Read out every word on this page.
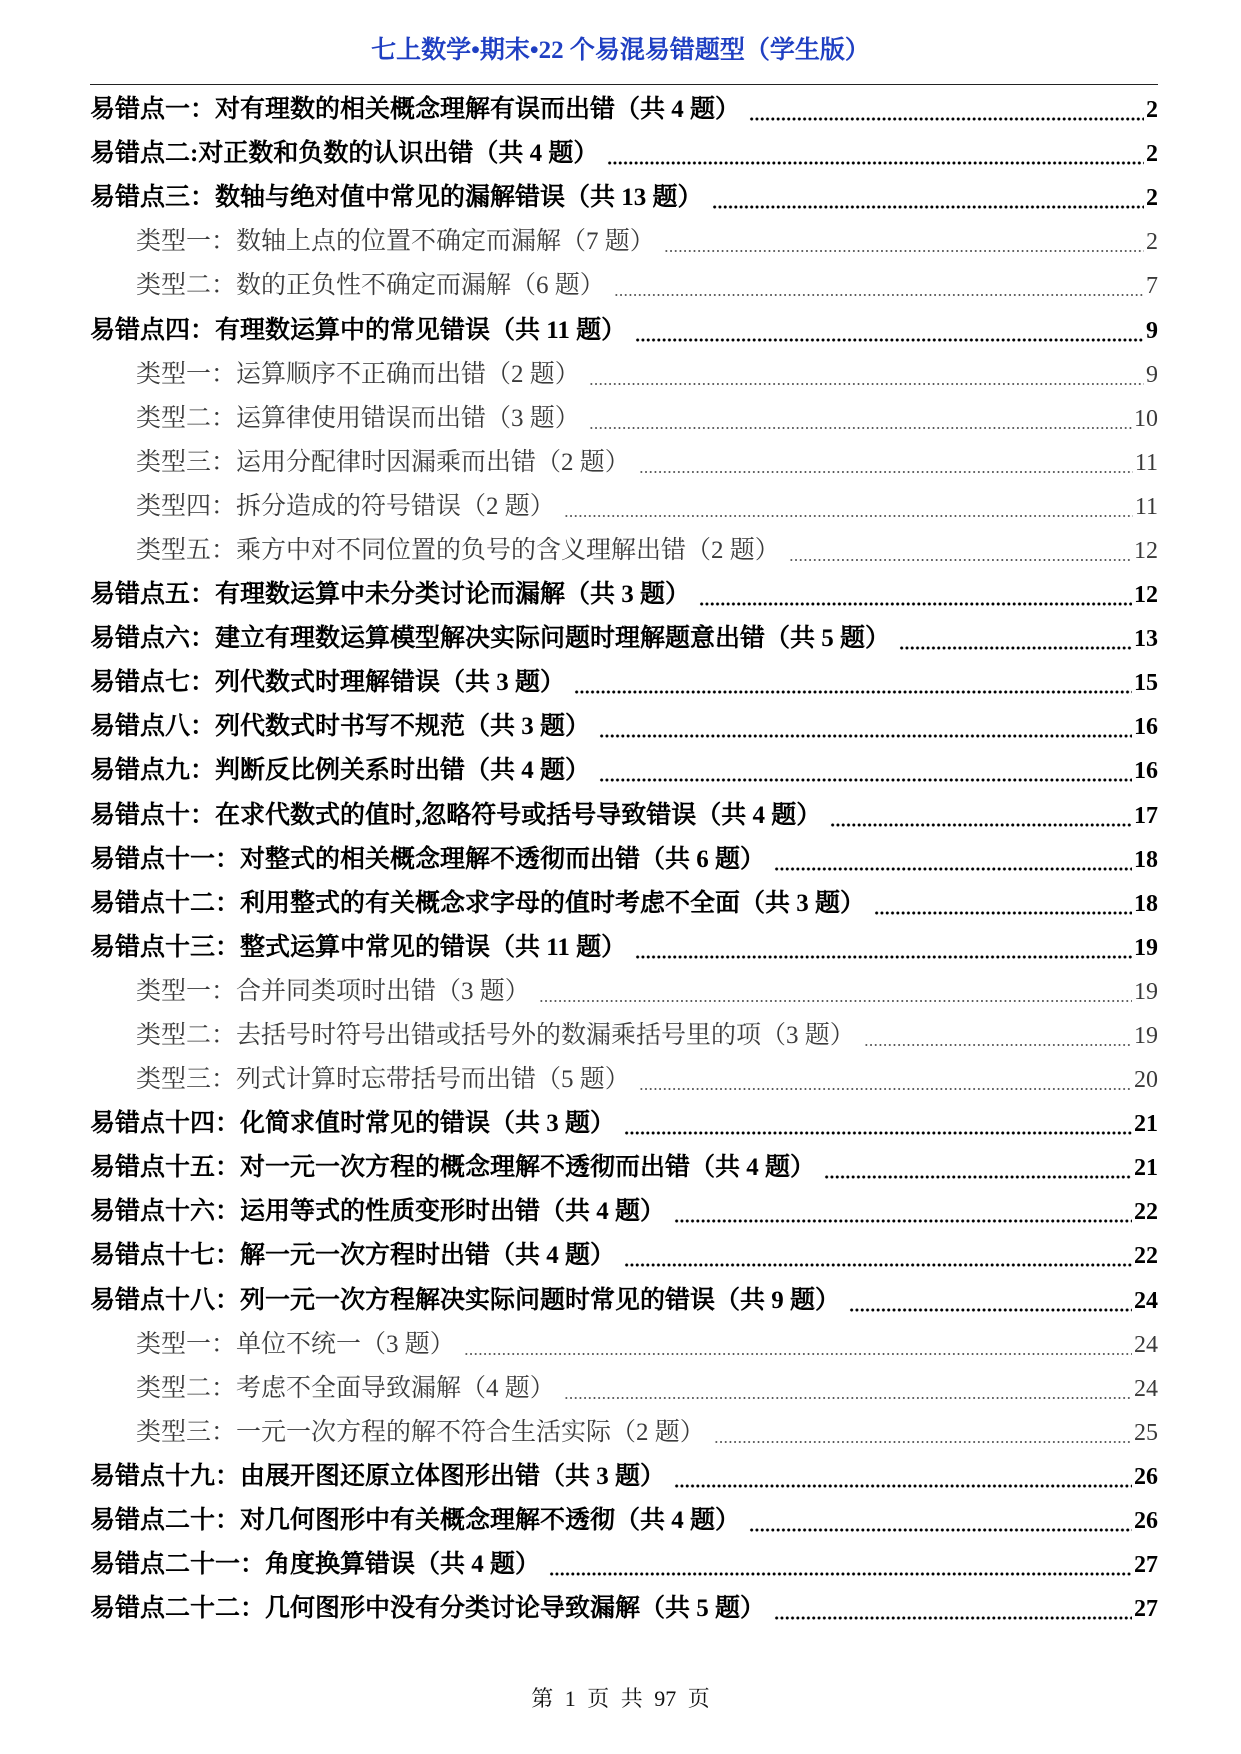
七上数学•期末•22 个易混易错题型（学生版）
易错点一：对有理数的相关概念理解有误而出错（共 4 题）	2
易错点二:对正数和负数的认识出错（共 4 题）	2
易错点三：数轴与绝对值中常见的漏解错误（共 13 题）	2
类型一：数轴上点的位置不确定而漏解（7 题）	2
类型二：数的正负性不确定而漏解（6 题）	7
易错点四：有理数运算中的常见错误（共 11 题）	9
类型一：运算顺序不正确而出错（2 题）	9
类型二：运算律使用错误而出错（3 题）	10
类型三：运用分配律时因漏乘而出错（2 题）	11
类型四：拆分造成的符号错误（2 题）	11
类型五：乘方中对不同位置的负号的含义理解出错（2 题）	12
易错点五：有理数运算中未分类讨论而漏解（共 3 题）	12
易错点六：建立有理数运算模型解决实际问题时理解题意出错（共 5 题）	13
易错点七：列代数式时理解错误（共 3 题）	15
易错点八：列代数式时书写不规范（共 3 题）	16
易错点九：判断反比例关系时出错（共 4 题）	16
易错点十：在求代数式的值时,忽略符号或括号导致错误（共 4 题）	17
易错点十一：对整式的相关概念理解不透彻而出错（共 6 题）	18
易错点十二：利用整式的有关概念求字母的值时考虑不全面（共 3 题）	18
易错点十三：整式运算中常见的错误（共 11 题）	19
类型一：合并同类项时出错（3 题）	19
类型二：去括号时符号出错或括号外的数漏乘括号里的项（3 题）	19
类型三：列式计算时忘带括号而出错（5 题）	20
易错点十四：化简求值时常见的错误（共 3 题）	21
易错点十五：对一元一次方程的概念理解不透彻而出错（共 4 题）	21
易错点十六：运用等式的性质变形时出错（共 4 题）	22
易错点十七：解一元一次方程时出错（共 4 题）	22
易错点十八：列一元一次方程解决实际问题时常见的错误（共 9 题）	24
类型一：单位不统一（3 题）	24
类型二：考虑不全面导致漏解（4 题）	24
类型三：一元一次方程的解不符合生活实际（2 题）	25
易错点十九：由展开图还原立体图形出错（共 3 题）	26
易错点二十：对几何图形中有关概念理解不透彻（共 4 题）	26
易错点二十一：角度换算错误（共 4 题）	27
易错点二十二：几何图形中没有分类讨论导致漏解（共 5 题）	27
第 1 页 共 97 页
